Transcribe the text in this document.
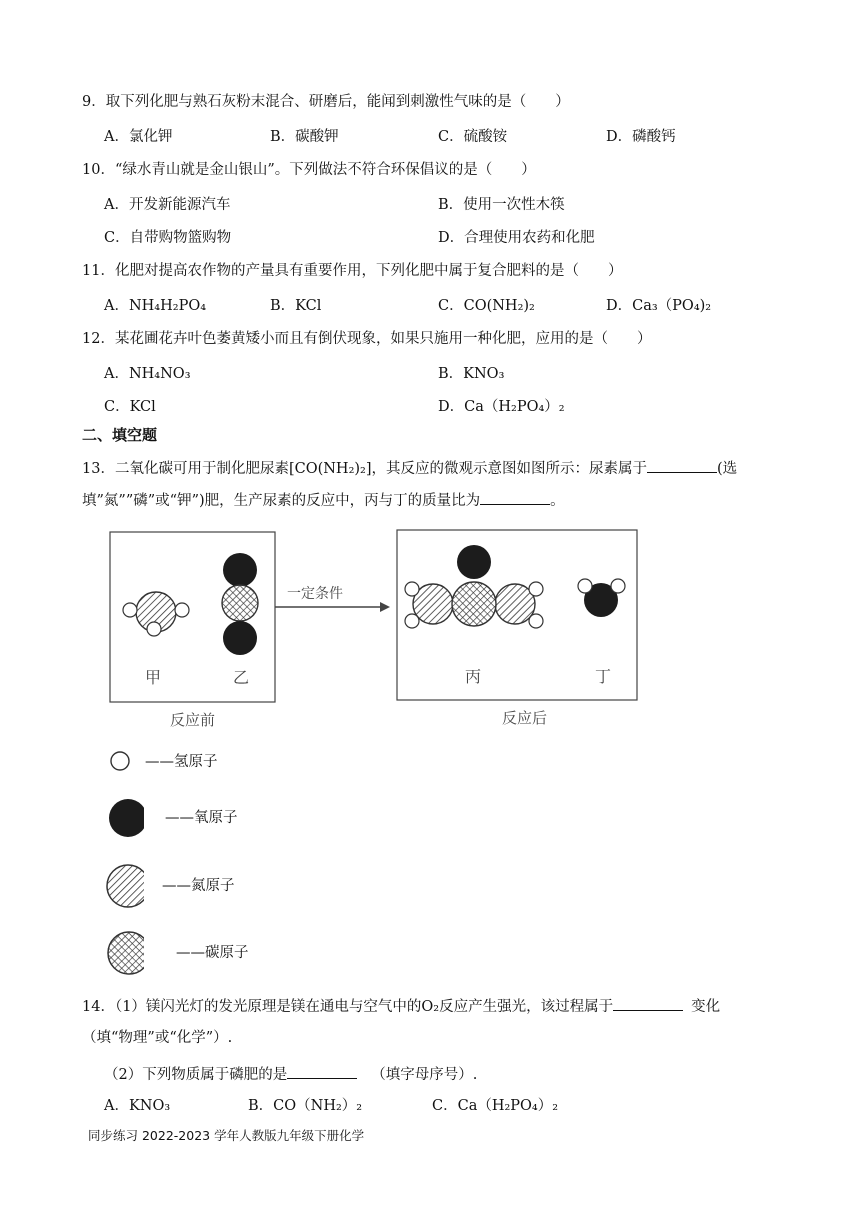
9．取下列化肥与熟石灰粉末混合、研磨后，能闻到刺激性气味的是（　　）
A．氯化钾	B．碳酸钾	C．硫酸铵	D．磷酸钙
10．“绿水青山就是金山银山”。下列做法不符合环保倡议的是（　　）
A．开发新能源汽车	B．使用一次性木筷
C．自带购物篮购物	D．合理使用农药和化肥
11．化肥对提高农作物的产量具有重要作用，下列化肥中属于复合肥料的是（　　）
A．NH₄H₂PO₄	B．KCl	C．CO(NH₂)₂	D．Ca₃（PO₄)₂
12．某花圃花卉叶色萎黄矮小而且有倒伏现象，如果只施用一种化肥，应用的是（　　）
A．NH₄NO₃	B．KNO₃
C．KCl	D．Ca（H₂PO₄）₂
二、填空题
13．二氧化碳可用于制化肥尿素[CO(NH₂)₂]，其反应的微观示意图如图所示：尿素属于	(选
填”氮””磷”或“钾”)肥，生产尿素的反应中，丙与丁的质量比为	。
甲	乙
反应前
一定条件
丙	丁
反应后
——氢原子
——氧原子
——氮原子
——碳原子
14．（1）镁闪光灯的发光原理是镁在通电与空气中的O₂反应产生强光，该过程属于	变化
（填“物理”或“化学”）.
（2）下列物质属于磷肥的是	（填字母序号）.
A．KNO₃	B．CO（NH₂）₂	C．Ca（H₂PO₄）₂
同步练习 2022-2023 学年人教版九年级下册化学
